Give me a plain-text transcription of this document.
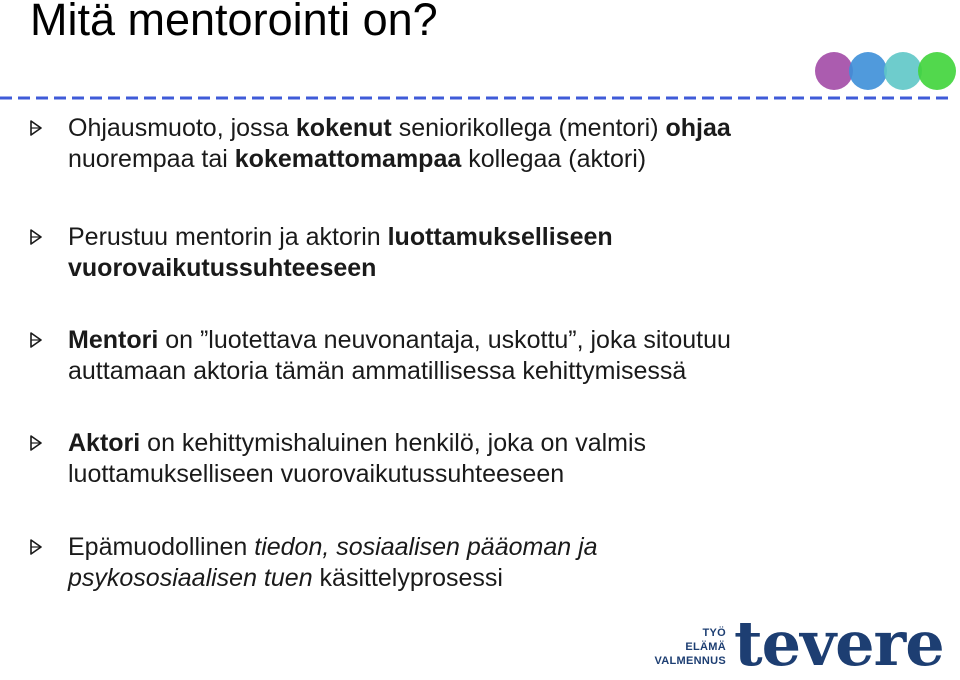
Mitä mentorointi on?
Ohjausmuoto, jossa kokenut seniorikollega (mentori) ohjaa
nuorempaa tai kokemattomampaa kollegaa (aktori)
Perustuu mentorin ja aktorin luottamukselliseen
vuorovaikutussuhteeseen
Mentori on ”luotettava neuvonantaja, uskottu”, joka sitoutuu
auttamaan aktoria tämän ammatillisessa kehittymisessä
Aktori on kehittymishaluinen henkilö, joka on valmis
luottamukselliseen vuorovaikutussuhteeseen
Epämuodollinen tiedon, sosiaalisen pääoman ja
psykososiaalisen tuen käsittelyprosessi
TYÖ
ELÄMÄ
VALMENNUS tevere
